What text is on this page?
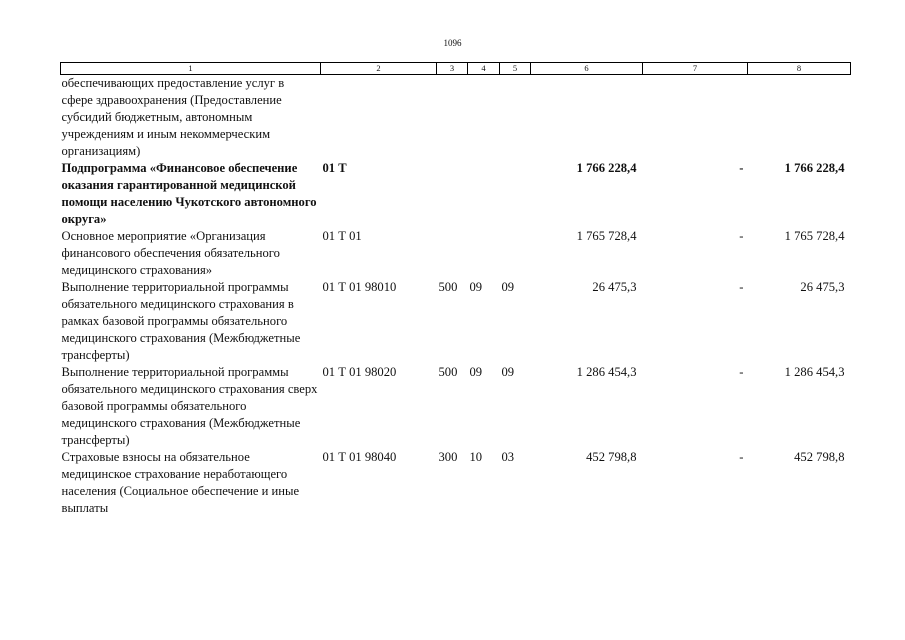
1096
1	2	3	4	5	6	7	8
обеспечивающих предоставление услуг в сфере здравоохранения (Предоставление субсидий бюджетным, автономным учреждениям и иным некоммерческим организациям)							
Подпрограмма «Финансовое обеспечение оказания гарантированной медицинской помощи населению Чукотского автономного округа»	01 Т				1 766 228,4	-	1 766 228,4
Основное мероприятие «Организация финансового обеспечения обязательного медицинского страхования»	01 Т 01				1 765 728,4	-	1 765 728,4
Выполнение территориальной программы обязательного медицинского страхования в рамках базовой программы обязательного медицинского страхования (Межбюджетные трансферты)	01 Т 01 98010	500	09	09	26 475,3	-	26 475,3
Выполнение территориальной программы обязательного медицинского страхования сверх базовой программы обязательного медицинского страхования (Межбюджетные трансферты)	01 Т 01 98020	500	09	09	1 286 454,3	-	1 286 454,3
Страховые взносы на обязательное медицинское страхование неработающего населения (Социальное обеспечение и иные выплаты	01 Т 01 98040	300	10	03	452 798,8	-	452 798,8
